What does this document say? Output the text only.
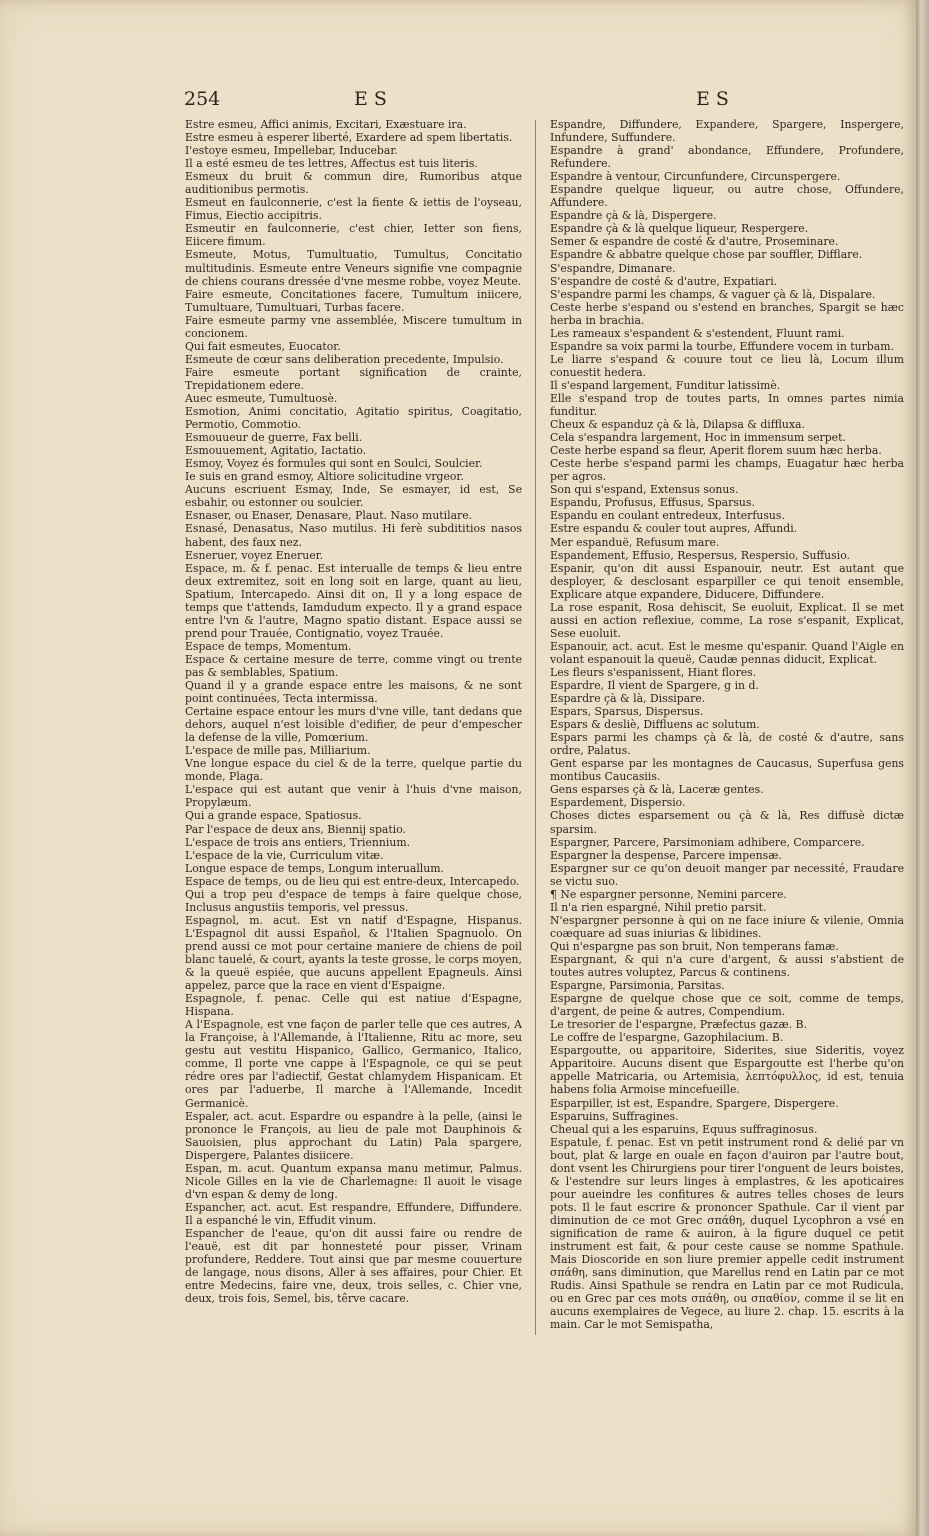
254	ES	ES

Estre esmeu, Affici animis, Excitari, Exæstuare ira.

Estre esmeu à esperer liberté, Exardere ad spem libertatis.

I'estoye esmeu, Impellebar, Inducebar.

Il a esté esmeu de tes lettres, Affectus est tuis literis.

Esmeux du bruit & commun dire, Rumoribus atque auditionibus permotis.

Esmeut en faulconnerie, c'est la fiente & iettis de l'oyseau, Fimus, Eiectio accipitris.

Esmeutir en faulconnerie, c'est chier, Ietter son fiens, Eiicere fimum.

Esmeute, Motus, Tumultuatio, Tumultus, Concitatio multitudinis. Esmeute entre Veneurs signifie vne compagnie de chiens courans dressée d'vne mesme robbe, voyez Meute.

Faire esmeute, Concitationes facere, Tumultum iniicere, Tumultuare, Tumultuari, Turbas facere.

Faire esmeute parmy vne assemblée, Miscere tumultum in concionem.

Qui fait esmeutes, Euocator.

Esmeute de cœur sans deliberation precedente, Impulsio.

Faire esmeute portant signification de crainte, Trepidationem edere.

Auec esmeute, Tumultuosè.

Esmotion, Animi concitatio, Agitatio spiritus, Coagitatio, Permotio, Commotio.

Esmouueur de guerre, Fax belli.

Esmouuement, Agitatio, Iactatio.

Esmoy, Voyez és formules qui sont en Soulci, Soulcier.

Ie suis en grand esmoy, Altiore solicitudine vrgeor.

Aucuns escriuent Esmay, Inde, Se esmayer, id est, Se esbahir, ou estonner ou soulcier.

Esnaser, ou Enaser, Denasare, Plaut. Naso mutilare.

Esnasé, Denasatus, Naso mutilus. Hi ferè subdititios nasos habent, des faux nez.

Esneruer, voyez Eneruer.

Espace, m. & f. penac. Est interualle de temps & lieu entre deux extremitez, soit en long soit en large, quant au lieu, Spatium, Intercapedo. Ainsi dit on, Il y a long espace de temps que t'attends, Iamdudum expecto. Il y a grand espace entre l'vn & l'autre, Magno spatio distant. Espace aussi se prend pour Trauée, Contignatio, voyez Trauée.

Espace de temps, Momentum.

Espace & certaine mesure de terre, comme vingt ou trente pas & semblables, Spatium.

Quand il y a grande espace entre les maisons, & ne sont point continuées, Tecta intermissa.

Certaine espace entour les murs d'vne ville, tant dedans que dehors, auquel n'est loisible d'edifier, de peur d'empescher la defense de la ville, Pomœrium.

L'espace de mille pas, Milliarium.

Vne longue espace du ciel & de la terre, quelque partie du monde, Plaga.

L'espace qui est autant que venir à l'huis d'vne maison, Propylæum.

Qui a grande espace, Spatiosus.

Par l'espace de deux ans, Biennij spatio.

L'espace de trois ans entiers, Triennium.

L'espace de la vie, Curriculum vitæ.

Longue espace de temps, Longum interuallum.

Espace de temps, ou de lieu qui est entre-deux, Intercapedo.

Qui a trop peu d'espace de temps à faire quelque chose, Inclusus angustiis temporis, vel pressus.

Espagnol, m. acut. Est vn natif d'Espagne, Hispanus. L'Espagnol dit aussi Español, & l'Italien Spagnuolo. On prend aussi ce mot pour certaine maniere de chiens de poil blanc tauelé, & court, ayants la teste grosse, le corps moyen, & la queuë espiée, que aucuns appellent Epagneuls. Ainsi appelez, parce que la race en vient d'Espaigne.

Espagnole, f. penac. Celle qui est natiue d'Espagne, Hispana.

A l'Espagnole, est vne façon de parler telle que ces autres, A la Françoise, à l'Allemande, à l'Italienne, Ritu ac more, seu gestu aut vestitu Hispanico, Gallico, Germanico, Italico, comme, Il porte vne cappe à l'Espagnole, ce qui se peut rédre ores par l'adiectif, Gestat chlamydem Hispanicam. Et ores par l'aduerbe, Il marche à l'Allemande, Incedit Germanicè.

Espaler, act. acut. Espardre ou espandre à la pelle, (ainsi le prononce le François, au lieu de pale mot Dauphinois & Sauoisien, plus approchant du Latin) Pala spargere, Dispergere, Palantes disiicere.

Espan, m. acut. Quantum expansa manu metimur, Palmus. Nicole Gilles en la vie de Charlemagne: Il auoit le visage d'vn espan & demy de long.

Espancher, act. acut. Est respandre, Effundere, Diffundere. Il a espanché le vin, Effudit vinum.

Espancher de l'eaue, qu'on dit aussi faire ou rendre de l'eauë, est dit par honnesteté pour pisser, Vrinam profundere, Reddere. Tout ainsi que par mesme couuerture de langage, nous disons, Aller à ses affaires, pour Chier. Et entre Medecins, faire vne, deux, trois selles, c. Chier vne, deux, trois fois, Semel, bis, têrve cacare.

Espandre, Diffundere, Expandere, Spargere, Inspergere, Infundere, Suffundere.

Espandre à grand' abondance, Effundere, Profundere, Refundere.

Espandre à ventour, Circunfundere, Circunspergere.

Espandre quelque liqueur, ou autre chose, Offundere, Affundere.

Espandre çà & là, Dispergere.

Espandre çà & là quelque liqueur, Respergere.

Semer & espandre de costé & d'autre, Proseminare.

Espandre & abbatre quelque chose par souffler, Difflare.

S'espandre, Dimanare.

S'espandre de costé & d'autre, Expatiari.

S'espandre parmi les champs, & vaguer çà & là, Dispalare.

Ceste herbe s'espand ou s'estend en branches, Spargit se hæc herba in brachia.

Les rameaux s'espandent & s'estendent, Fluunt rami.

Espandre sa voix parmi la tourbe, Effundere vocem in turbam.

Le liarre s'espand & couure tout ce lieu là, Locum illum conuestit hedera.

Il s'espand largement, Funditur latissimè.

Elle s'espand trop de toutes parts, In omnes partes nimia funditur.

Cheux & espanduz çà & là, Dilapsa & diffluxa.

Cela s'espandra largement, Hoc in immensum serpet.

Ceste herbe espand sa fleur, Aperit florem suum hæc herba.

Ceste herbe s'espand parmi les champs, Euagatur hæc herba per agros.

Son qui s'espand, Extensus sonus.

Espandu, Profusus, Effusus, Sparsus.

Espandu en coulant entredeux, Interfusus.

Estre espandu & couler tout aupres, Affundi.

Mer espanduë, Refusum mare.

Espandement, Effusio, Respersus, Respersio, Suffusio.

Espanir, qu'on dit aussi Espanouir, neutr. Est autant que desployer, & desclosant esparpiller ce qui tenoit ensemble, Explicare atque expandere, Diducere, Diffundere.

La rose espanit, Rosa dehiscit, Se euoluit, Explicat. Il se met aussi en action reflexiue, comme, La rose s'espanit, Explicat, Sese euoluit.

Espanouir, act. acut. Est le mesme qu'espanir. Quand l'Aigle en volant espanouit la queuë, Caudæ pennas diducit, Explicat.

Les fleurs s'espanissent, Hiant flores.

Espardre, Il vient de Spargere, g in d.

Espardre çà & là, Dissipare.

Espars, Sparsus, Dispersus.

Espars & desliè, Diffluens ac solutum.

Espars parmi les champs çà & là, de costé & d'autre, sans ordre, Palatus.

Gent esparse par les montagnes de Caucasus, Superfusa gens montibus Caucasiis.

Gens esparses çà & là, Laceræ gentes.

Espardement, Dispersio.

Choses dictes esparsement ou çà & là, Res diffusè dictæ sparsim.

Espargner, Parcere, Parsimoniam adhibere, Comparcere.

Espargner la despense, Parcere impensæ.

Espargner sur ce qu'on deuoit manger par necessité, Fraudare se victu suo.

¶ Ne espargner personne, Nemini parcere.

Il n'a rien espargné, Nihil pretio parsit.

N'espargner personne à qui on ne face iniure & vilenie, Omnia coæquare ad suas iniurias & libidines.

Qui n'espargne pas son bruit, Non temperans famæ.

Espargnant, & qui n'a cure d'argent, & aussi s'abstient de toutes autres voluptez, Parcus & continens.

Espargne, Parsimonia, Parsitas.

Espargne de quelque chose que ce soit, comme de temps, d'argent, de peine & autres, Compendium.

Le tresorier de l'espargne, Præfectus gazæ. B.

Le coffre de l'espargne, Gazophilacium. B.

Espargoutte, ou apparitoire, Siderites, siue Sideritis, voyez Apparitoire. Aucuns disent que Espargoutte est l'herbe qu'on appelle Matricaria, ou Artemisia, λεπτόφυλλος, id est, tenuia habens folia Armoise mincefueille.

Esparpiller, ist est, Espandre, Spargere, Dispergere.

Esparuins, Suffragines.

Cheual qui a les esparuins, Equus suffraginosus.

Espatule, f. penac. Est vn petit instrument rond & delié par vn bout, plat & large en ouale en façon d'auiron par l'autre bout, dont vsent les Chirurgiens pour tirer l'onguent de leurs boistes, & l'estendre sur leurs linges à emplastres, & les apoticaires pour aueindre les confitures & autres telles choses de leurs pots. Il le faut escrire & prononcer Spathule. Car il vient par diminution de ce mot Grec σπάθη, duquel Lycophron a vsé en signification de rame & auiron, à la figure duquel ce petit instrument est fait, & pour ceste cause se nomme Spathule. Mais Dioscoride en son liure premier appelle cedit instrument σπάθη, sans diminution, que Marellus rend en Latin par ce mot Rudis. Ainsi Spathule se rendra en Latin par ce mot Rudicula, ou en Grec par ces mots σπάθη, ou σπαθίον, comme il se lit en aucuns exemplaires de Vegece, au liure 2. chap. 15. escrits à la main. Car le mot Semispatha,
